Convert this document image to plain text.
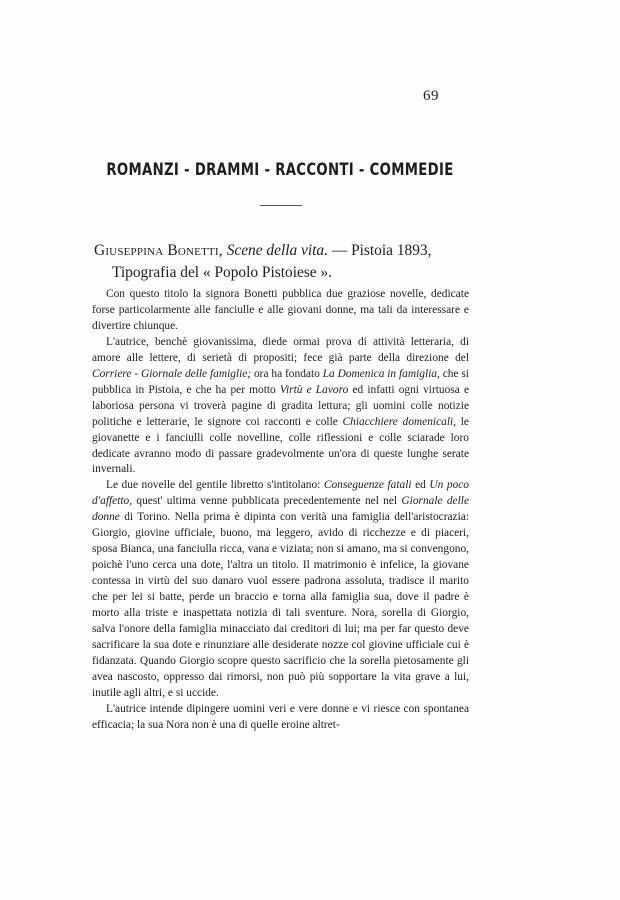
69
ROMANZI - DRAMMI - RACCONTI - COMMEDIE
Giuseppina Bonetti, Scene della vita. — Pistoia 1893,
Tipografia del « Popolo Pistoiese ».

Con questo titolo la signora Bonetti pubblica due graziose novelle, dedicate forse particolarmente alle fanciulle e alle giovani donne, ma tali da interessare e divertire chiunque.

L'autrice, benchè giovanissima, diede ormai prova di attività letteraria, di amore alle lettere, di serietà di propositi; fece già parte della direzione del Corriere - Giornale delle famiglie; ora ha fondato La Domenica in famiglia, che si pubblica in Pistoia, e che ha per motto Virtù e Lavoro ed infatti ogni virtuosa e laboriosa persona vi troverà pagine di gradita lettura; gli uomini colle notizie politiche e letterarie, le signore coi racconti e colle Chiacchiere domenicali, le giovanette e i fanciulli colle novelline, colle riflessioni e colle sciarade loro dedicate avranno modo di passare gradevolmente un'ora di queste lunghe serate invernali.

Le due novelle del gentile libretto s'intitolano: Conseguenze fatali ed Un poco d'affetto, quest' ultima venne pubblicata precedentemente nel nel Giornale delle donne di Torino. Nella prima è dipinta con verità una famiglia dell'aristocrazia: Giorgio, giovine ufficiale, buono, ma leggero, avido di ricchezze e di piaceri, sposa Bianca, una fanciulla ricca, vana e viziata; non si amano, ma si convengono, poichè l'uno cerca una dote, l'altra un titolo. Il matrimonio è infelice, la giovane contessa in virtù del suo danaro vuol essere padrona assoluta, tradisce il marito che per lei si batte, perde un braccio e torna alla famiglia sua, dove il padre è morto alla triste e inaspettata notizia di tali sventure. Nora, sorella di Giorgio, salva l'onore della famiglia minacciato dai creditori di lui; ma per far questo deve sacrificare la sua dote e rinunziare alle desiderate nozze col giovine ufficiale cui è fidanzata. Quando Giorgio scopre questo sacrificio che la sorella pietosamente gli avea nascosto, oppresso dai rimorsi, non può più sopportare la vita grave a lui, inutile agli altri, e si uccide.

L'autrice intende dipingere uomini veri e vere donne e vi riesce con spontanea efficacia; la sua Nora non è una di quelle eroine altret-
